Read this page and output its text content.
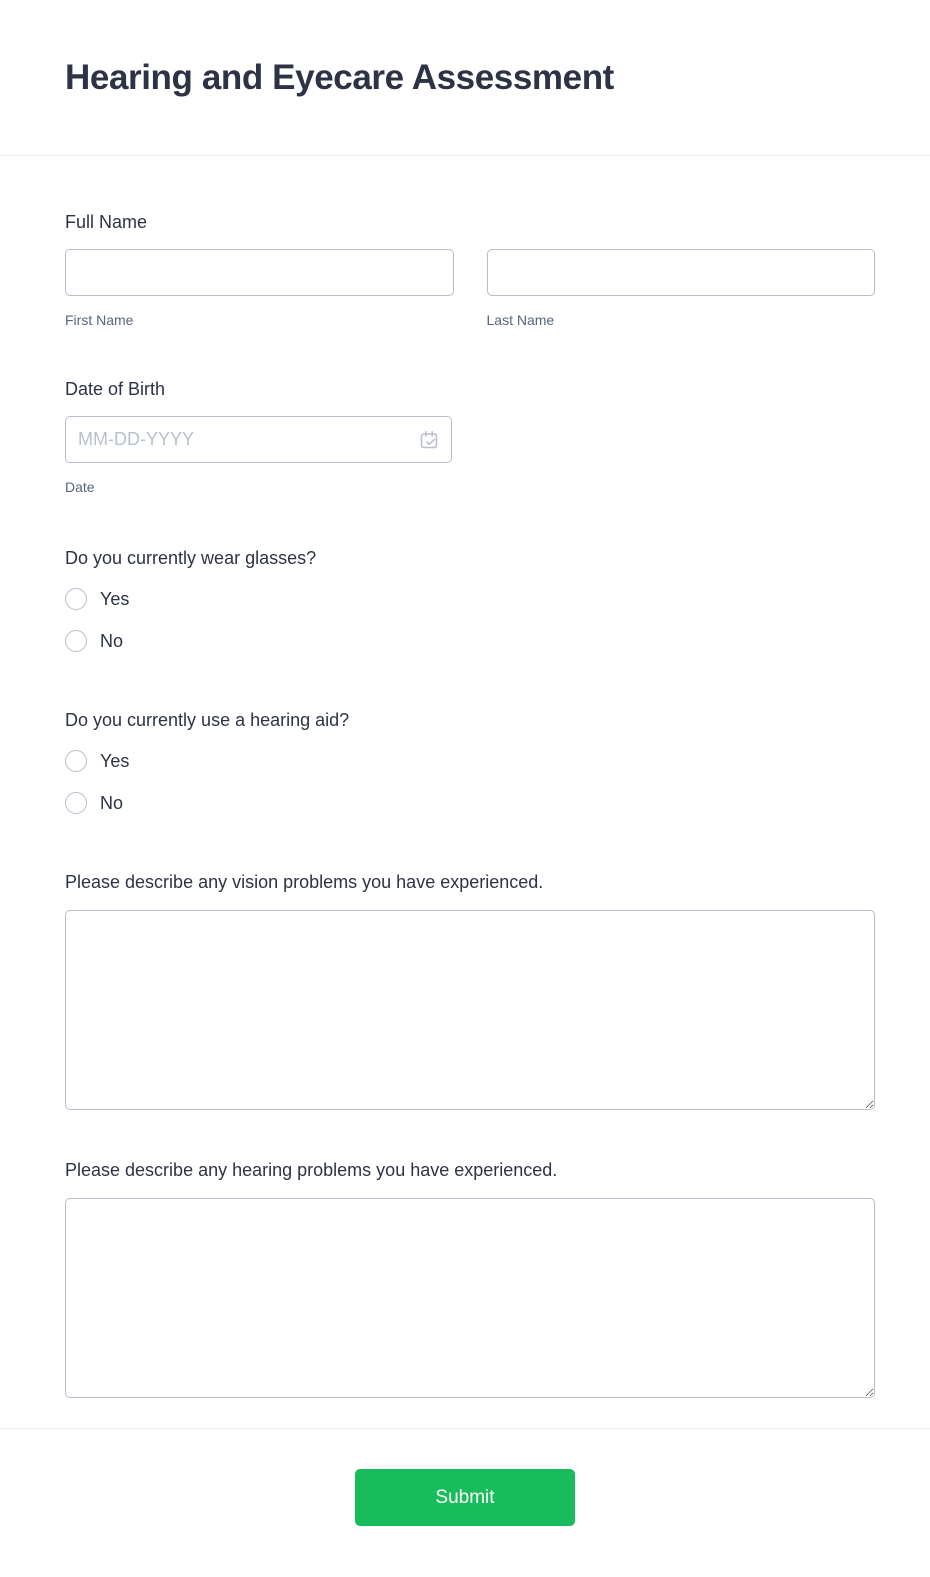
Hearing and Eyecare Assessment
Full Name
First Name	Last Name
Date of Birth
MM-DD-YYYY
Date
Do you currently wear glasses?
Yes
No
Do you currently use a hearing aid?
Yes
No
Please describe any vision problems you have experienced.
Please describe any hearing problems you have experienced.
Submit
